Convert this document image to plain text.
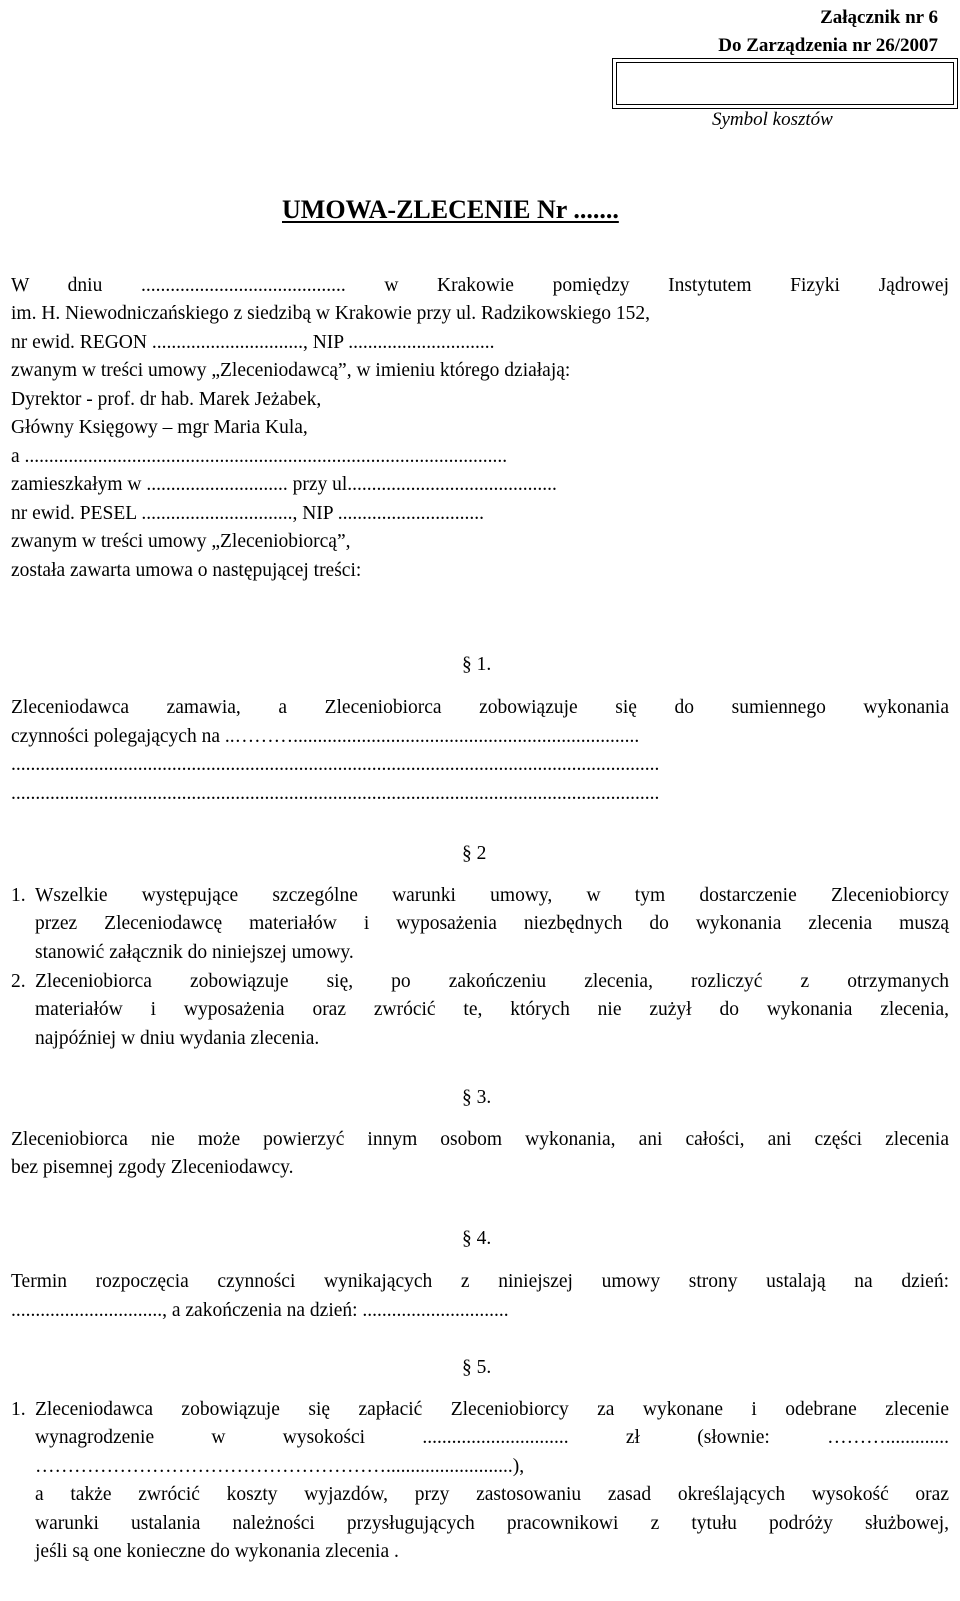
Załącznik nr 6
Do Zarządzenia nr 26/2007
Symbol kosztów
UMOWA-ZLECENIE Nr .......
W dniu .......................................... w Krakowie pomiędzy Instytutem Fizyki Jądrowej
im. H. Niewodniczańskiego z siedzibą w Krakowie przy ul. Radzikowskiego 152,
nr ewid. REGON ..............................., NIP ..............................
zwanym w treści umowy „Zleceniodawcą”, w imieniu którego działają:
Dyrektor - prof. dr hab. Marek Jeżabek,
Główny Księgowy – mgr Maria Kula,
a ...................................................................................................
zamieszkałym w ............................. przy ul...........................................
nr ewid. PESEL ..............................., NIP ..............................
zwanym w treści umowy „Zleceniobiorcą”,
została zawarta umowa o następującej treści:
§ 1.
Zleceniodawca zamawia, a Zleceniobiorca zobowiązuje się do sumiennego wykonania
czynności polegających na ..……….......................................................................
.....................................................................................................................................
.....................................................................................................................................
§ 2
1. Wszelkie występujące szczególne warunki umowy, w tym dostarczenie Zleceniobiorcy
przez Zleceniodawcę materiałów i wyposażenia niezbędnych do wykonania zlecenia muszą
stanowić załącznik do niniejszej umowy.
2. Zleceniobiorca zobowiązuje się, po zakończeniu zlecenia, rozliczyć z otrzymanych
materiałów i wyposażenia oraz zwrócić te, których nie zużył do wykonania zlecenia,
najpóźniej w dniu wydania zlecenia.
§ 3.
Zleceniobiorca nie może powierzyć innym osobom wykonania, ani całości, ani części zlecenia
bez pisemnej zgody Zleceniodawcy.
§ 4.
Termin rozpoczęcia czynności wynikających z niniejszej umowy strony ustalają na dzień:
..............................., a zakończenia na dzień: ..............................
§ 5.
1. Zleceniodawca zobowiązuje się zapłacić Zleceniobiorcy za wykonane i odebrane zlecenie
wynagrodzenie w wysokości .............................. zł (słownie: ……….............
………………………………………………..........................),
a także zwrócić koszty wyjazdów, przy zastosowaniu zasad określających wysokość oraz
warunki ustalania należności przysługujących pracownikowi z tytułu podróży służbowej,
jeśli są one konieczne do wykonania zlecenia .
